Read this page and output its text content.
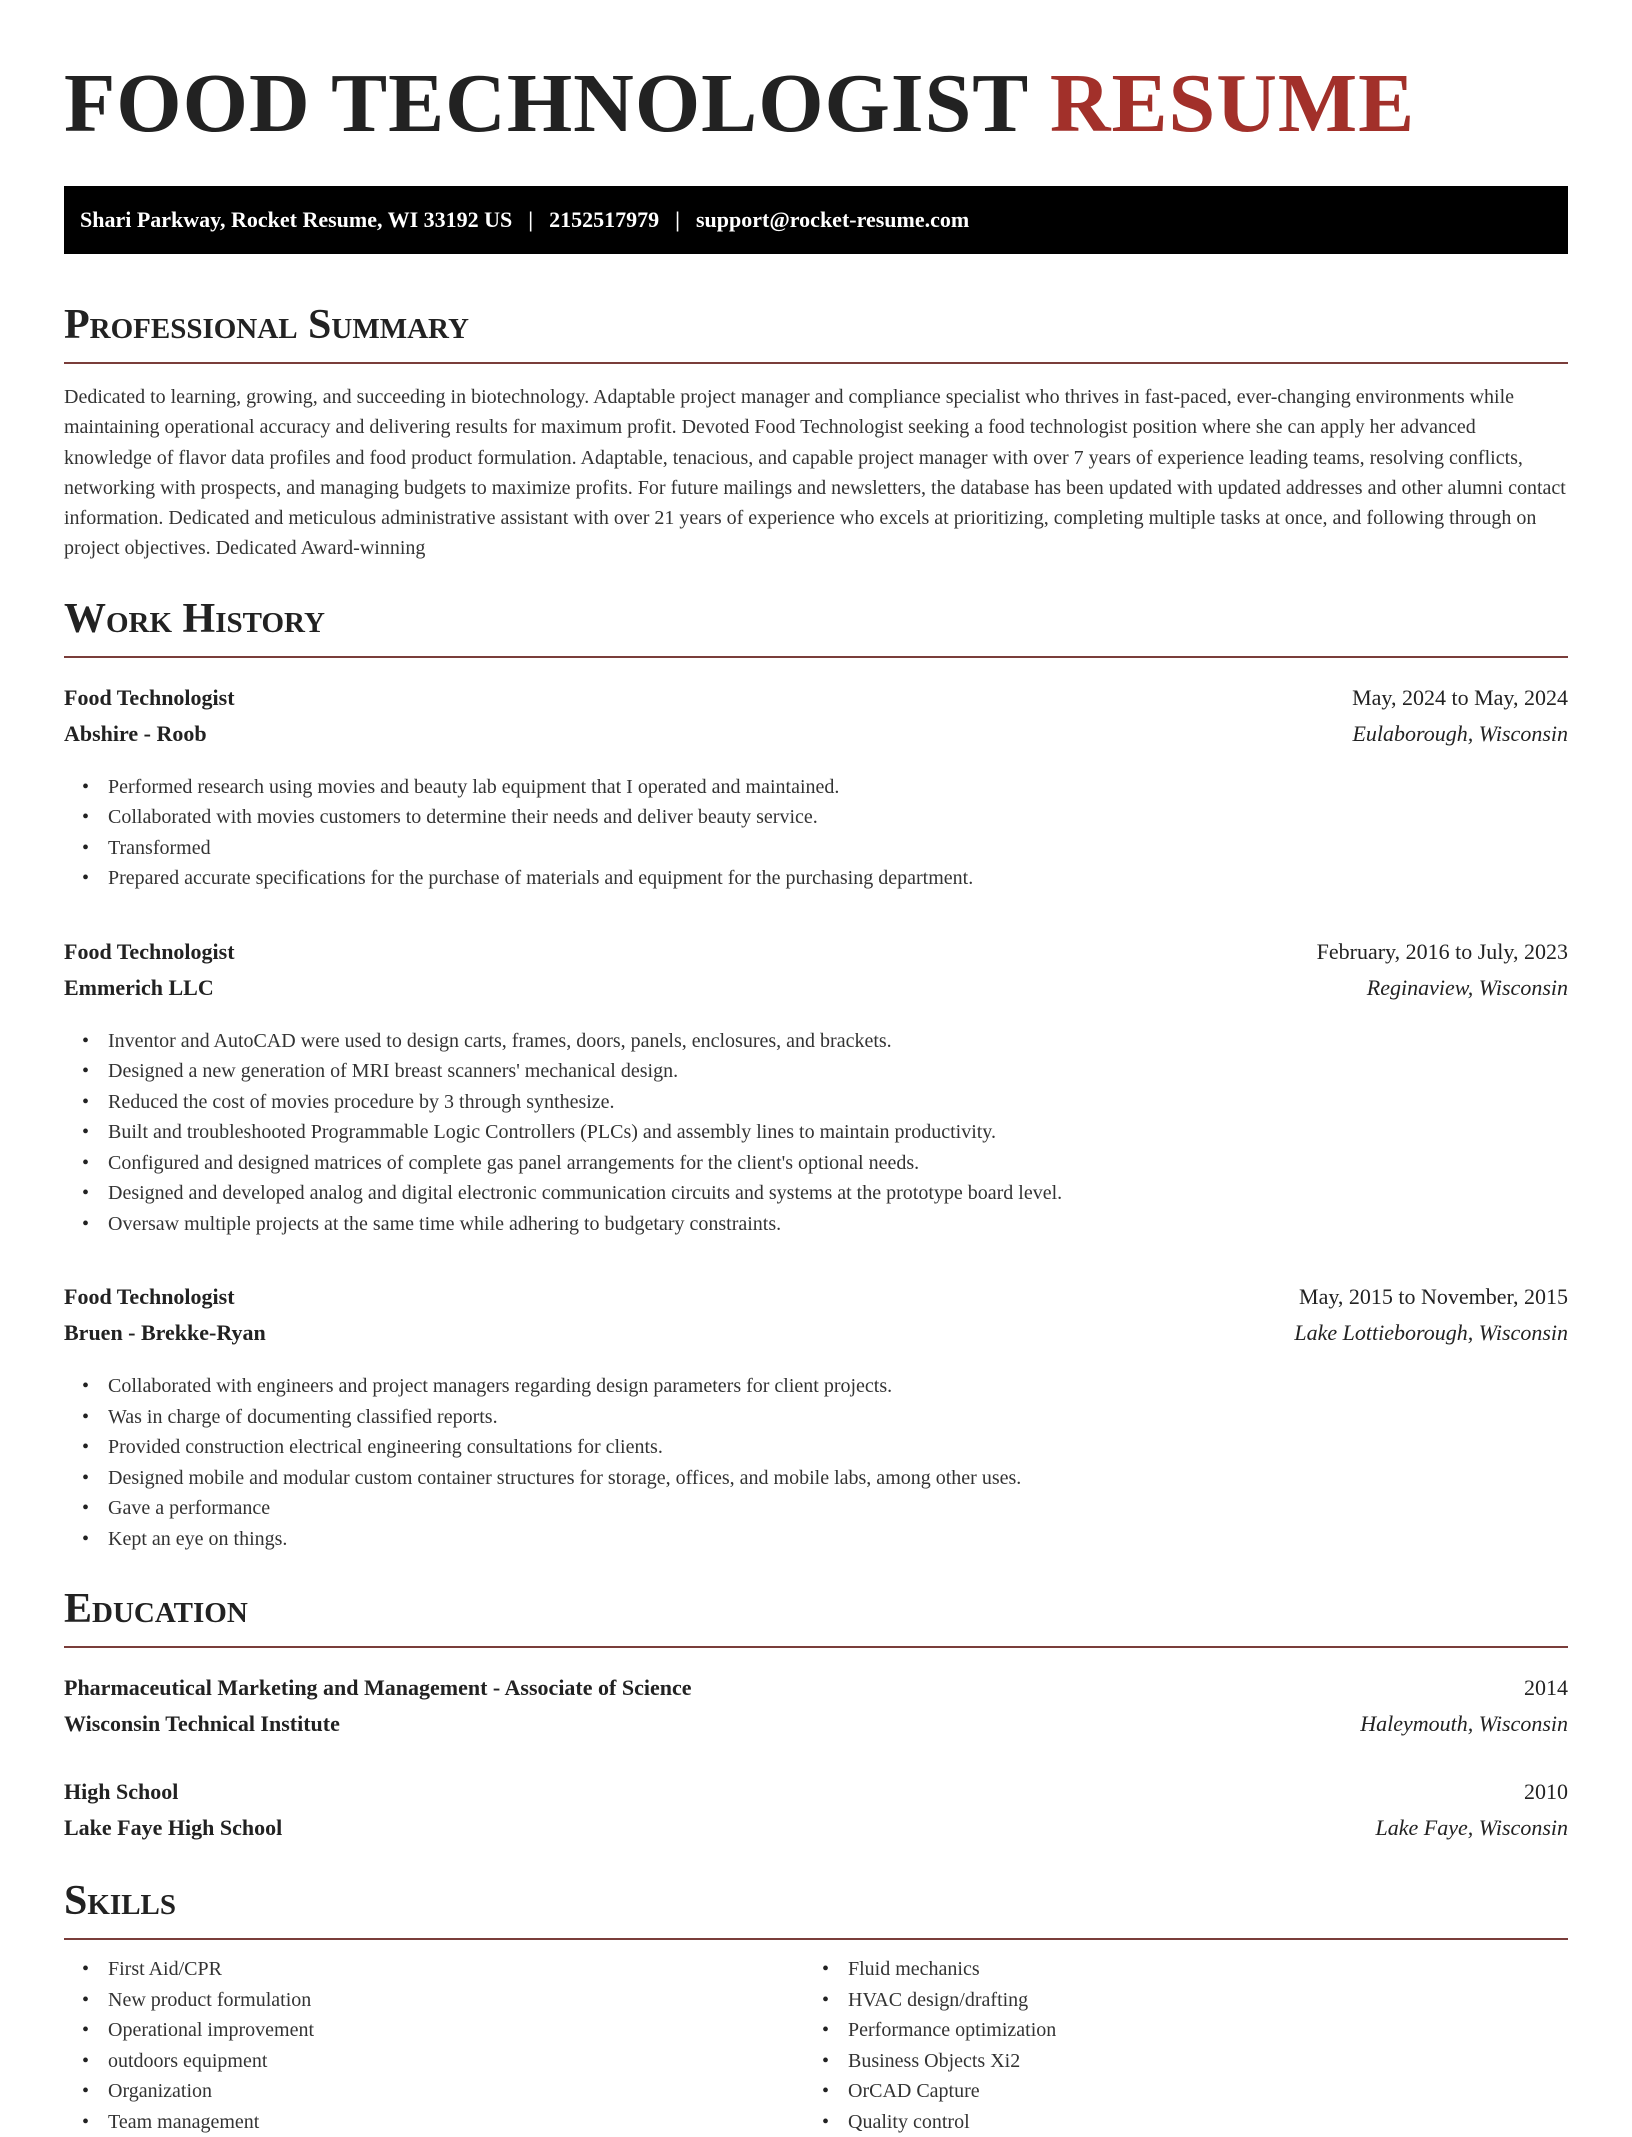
FOOD TECHNOLOGIST RESUME
Shari Parkway, Rocket Resume, WI 33192 US | 2152517979 | support@rocket-resume.com
Professional Summary

Dedicated to learning, growing, and succeeding in biotechnology. Adaptable project manager and compliance specialist who thrives in fast-paced, ever-changing environments while maintaining operational accuracy and delivering results for maximum profit. Devoted Food Technologist seeking a food technologist position where she can apply her advanced knowledge of flavor data profiles and food product formulation. Adaptable, tenacious, and capable project manager with over 7 years of experience leading teams, resolving conflicts, networking with prospects, and managing budgets to maximize profits. For future mailings and newsletters, the database has been updated with updated addresses and other alumni contact information. Dedicated and meticulous administrative assistant with over 21 years of experience who excels at prioritizing, completing multiple tasks at once, and following through on project objectives. Dedicated Award-winning

Work History
Food Technologist	May, 2024 to May, 2024
Abshire - Roob	Eulaborough, Wisconsin
• Performed research using movies and beauty lab equipment that I operated and maintained.
• Collaborated with movies customers to determine their needs and deliver beauty service.
• Transformed
• Prepared accurate specifications for the purchase of materials and equipment for the purchasing department.
Food Technologist	February, 2016 to July, 2023
Emmerich LLC	Reginaview, Wisconsin
• Inventor and AutoCAD were used to design carts, frames, doors, panels, enclosures, and brackets.
• Designed a new generation of MRI breast scanners' mechanical design.
• Reduced the cost of movies procedure by 3 through synthesize.
• Built and troubleshooted Programmable Logic Controllers (PLCs) and assembly lines to maintain productivity.
• Configured and designed matrices of complete gas panel arrangements for the client's optional needs.
• Designed and developed analog and digital electronic communication circuits and systems at the prototype board level.
• Oversaw multiple projects at the same time while adhering to budgetary constraints.
Food Technologist	May, 2015 to November, 2015
Bruen - Brekke-Ryan	Lake Lottieborough, Wisconsin
• Collaborated with engineers and project managers regarding design parameters for client projects.
• Was in charge of documenting classified reports.
• Provided construction electrical engineering consultations for clients.
• Designed mobile and modular custom container structures for storage, offices, and mobile labs, among other uses.
• Gave a performance
• Kept an eye on things.
Education
Pharmaceutical Marketing and Management - Associate of Science	2014
Wisconsin Technical Institute	Haleymouth, Wisconsin
High School	2010
Lake Faye High School	Lake Faye, Wisconsin
Skills
• First Aid/CPR
• New product formulation
• Operational improvement
• outdoors equipment
• Organization
• Team management
• Fluid mechanics
• HVAC design/drafting
• Performance optimization
• Business Objects Xi2
• OrCAD Capture
• Quality control
